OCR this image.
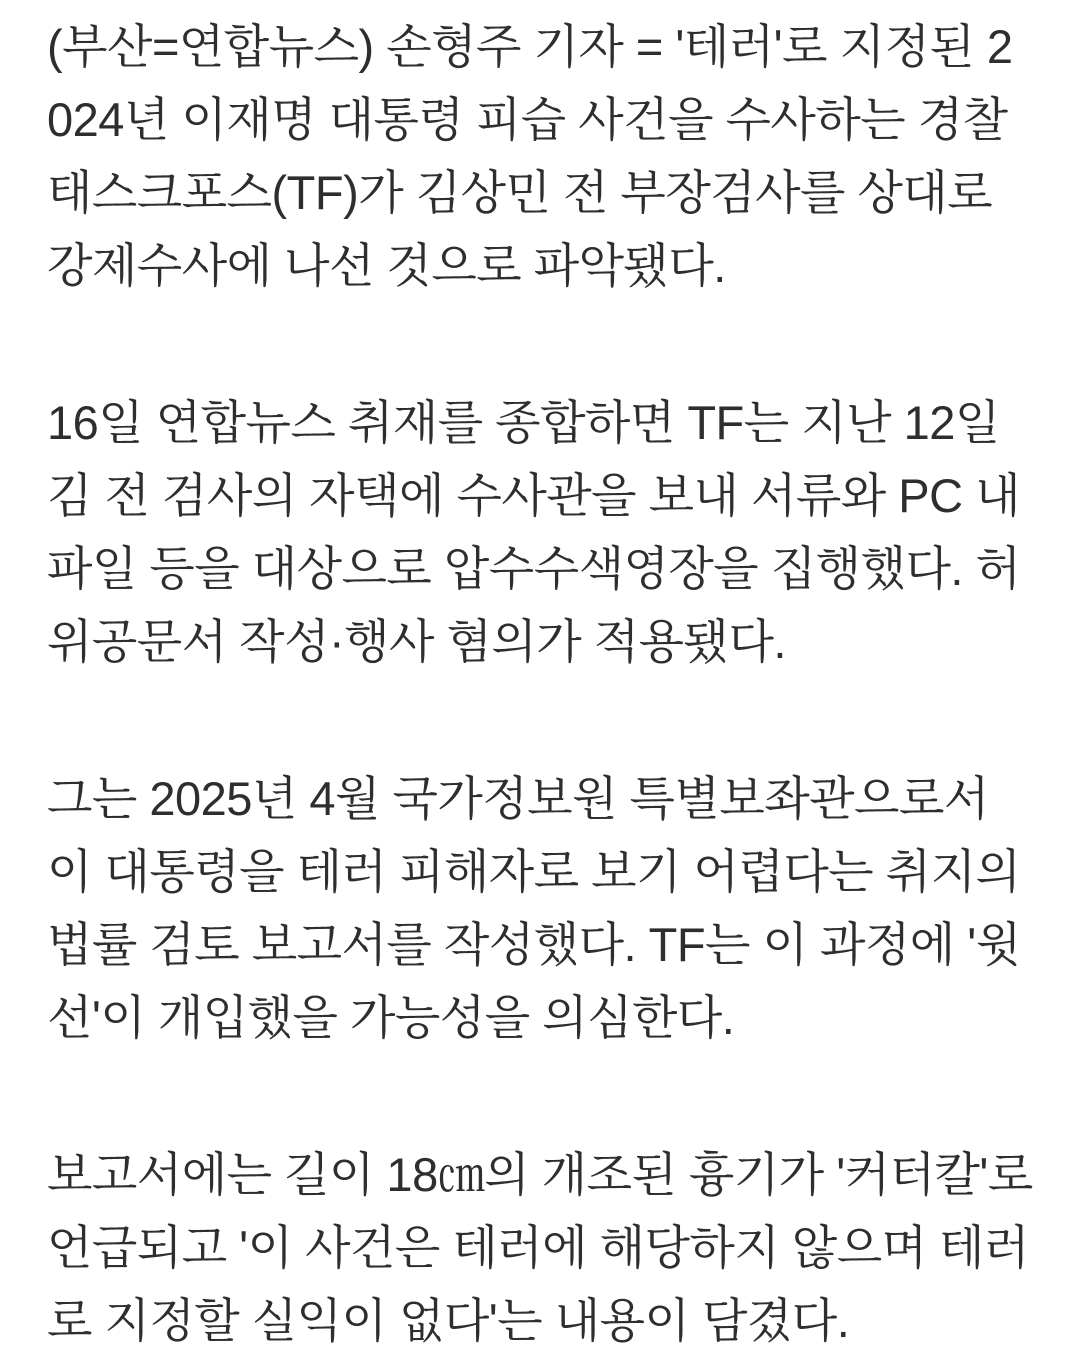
(부산=연합뉴스) 손형주 기자 = '테러'로 지정된 2024년 이재명 대통령 피습 사건을 수사하는 경찰 태스크포스(TF)가 김상민 전 부장검사를 상대로 강제수사에 나선 것으로 파악됐다.

16일 연합뉴스 취재를 종합하면 TF는 지난 12일 김 전 검사의 자택에 수사관을 보내 서류와 PC 내 파일 등을 대상으로 압수수색영장을 집행했다. 허위공문서 작성·행사 혐의가 적용됐다.

그는 2025년 4월 국가정보원 특별보좌관으로서 이 대통령을 테러 피해자로 보기 어렵다는 취지의 법률 검토 보고서를 작성했다. TF는 이 과정에 '윗선'이 개입했을 가능성을 의심한다.

보고서에는 길이 18㎝의 개조된 흉기가 '커터칼'로 언급되고 '이 사건은 테러에 해당하지 않으며 테러로 지정할 실익이 없다'는 내용이 담겼다.
